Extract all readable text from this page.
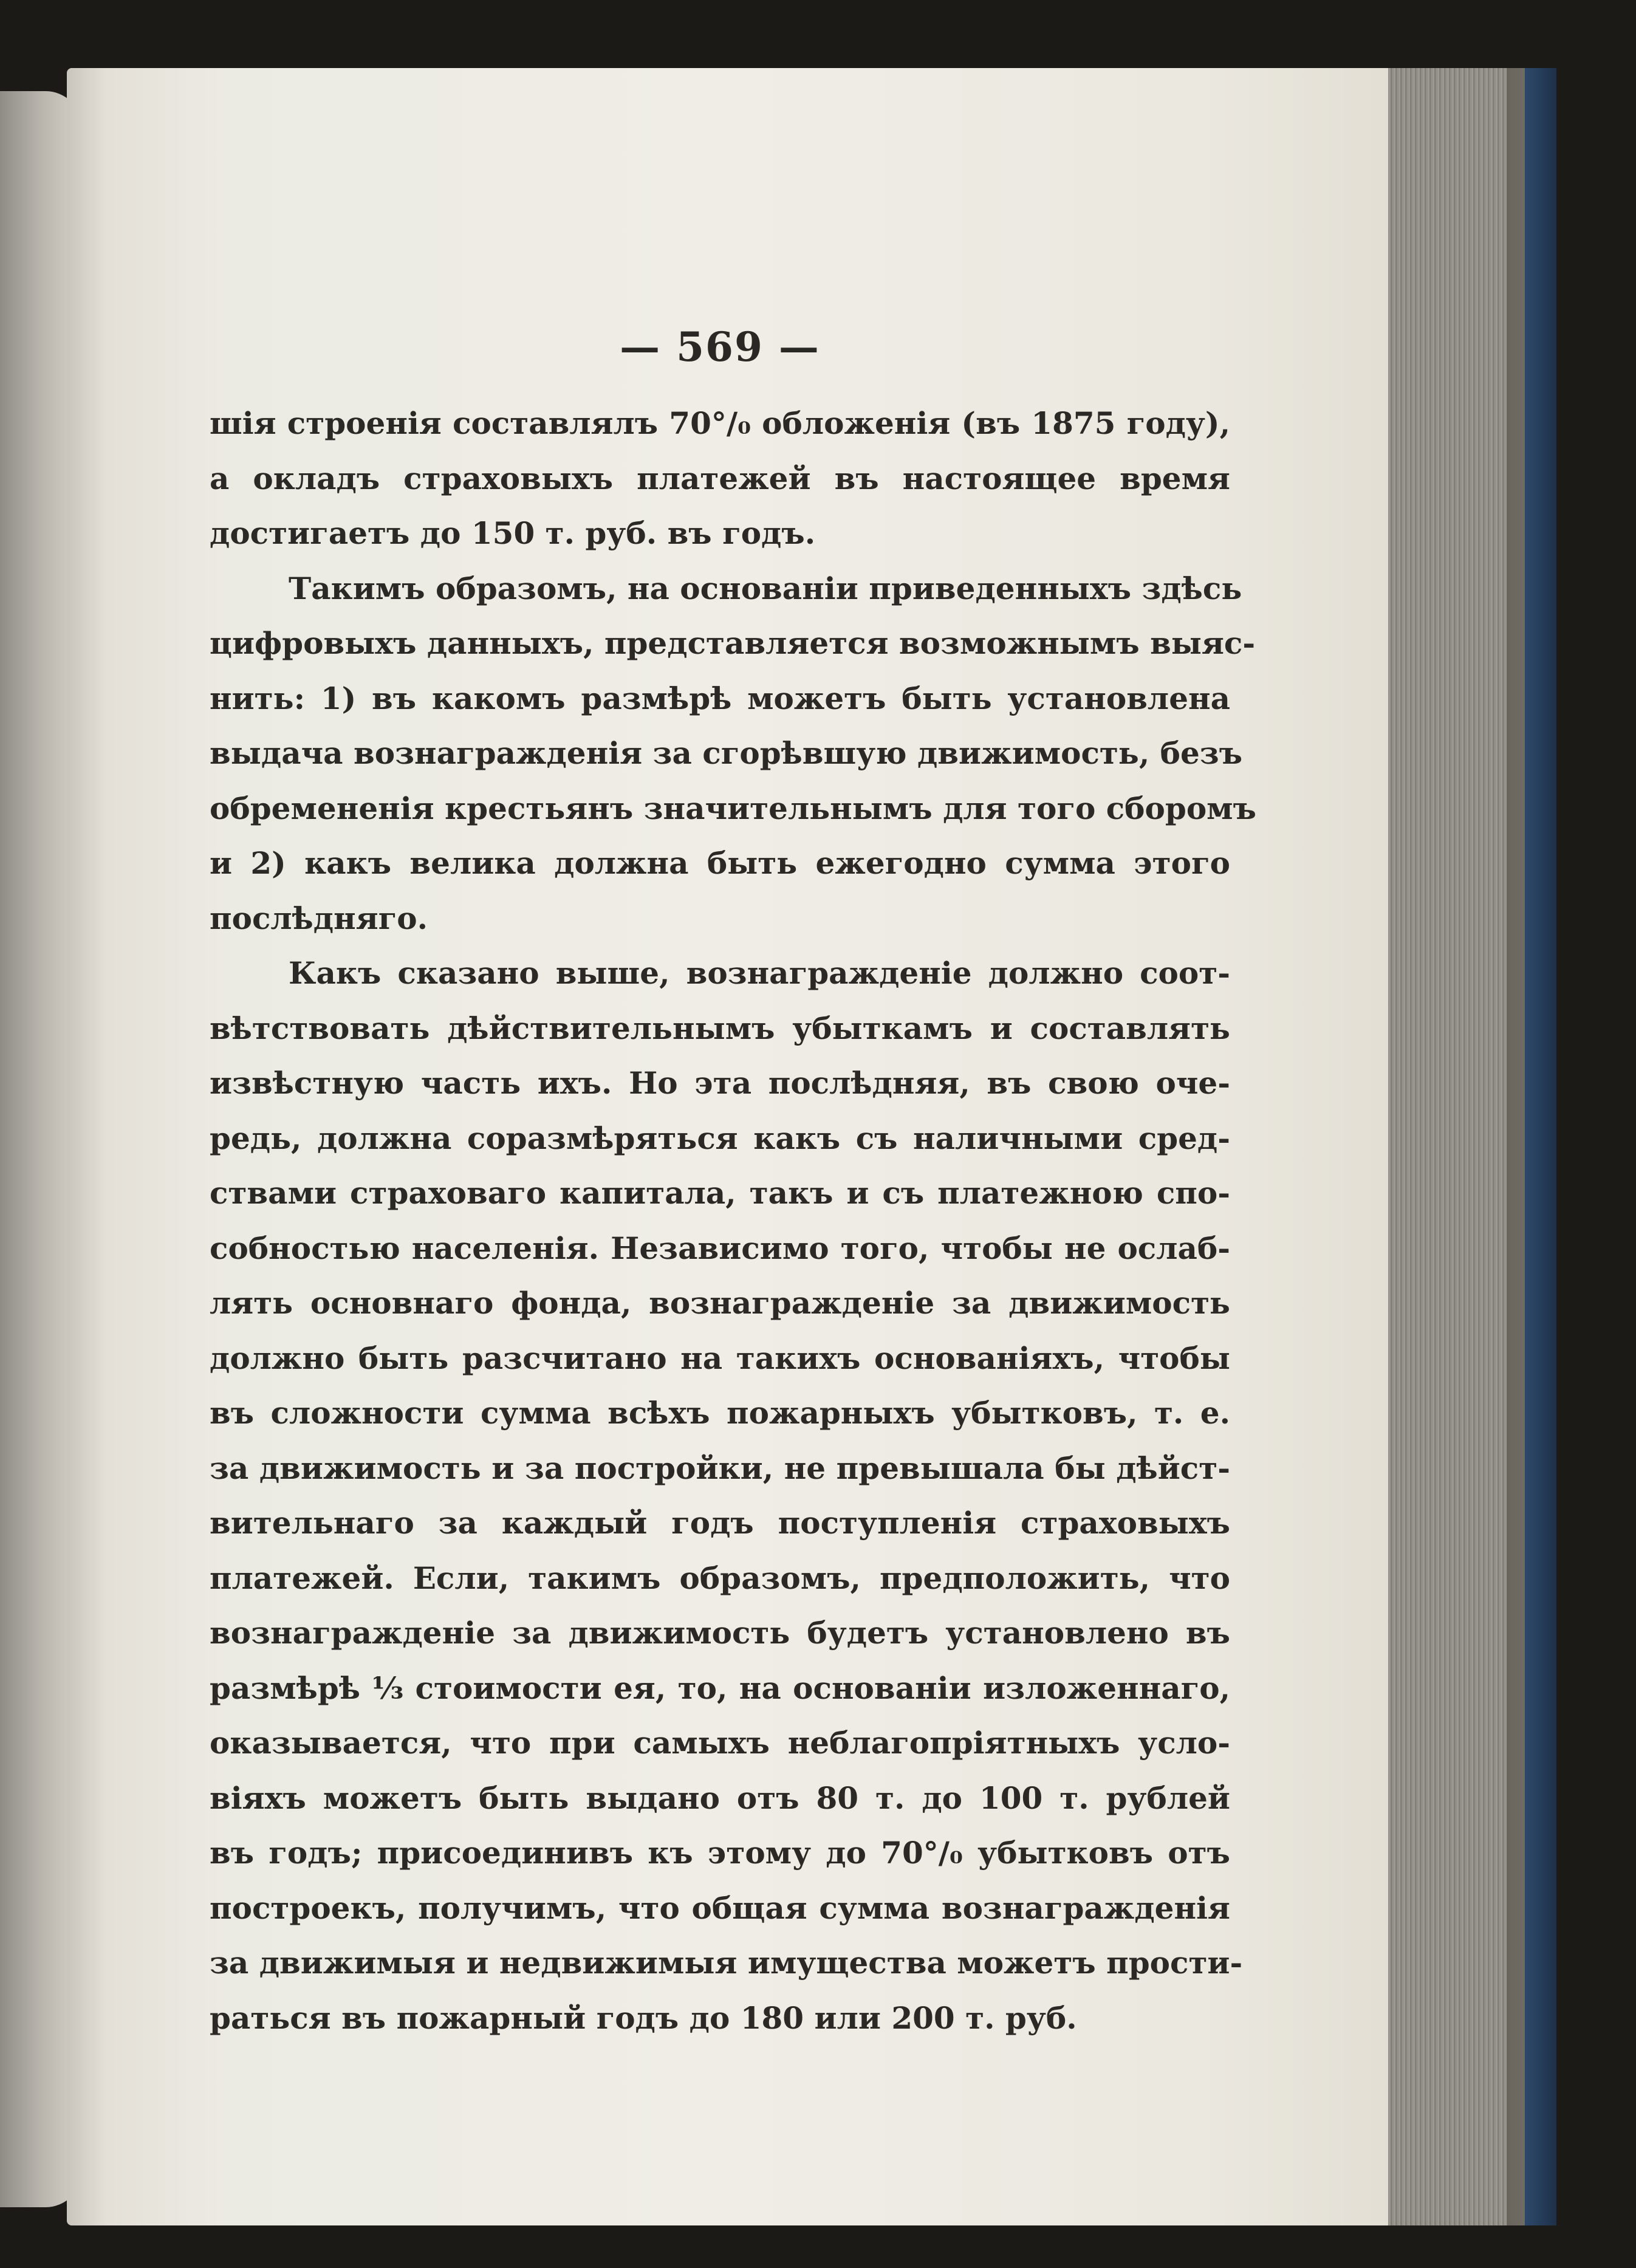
— 569 —
шія строенія составлялъ 70°/₀ обложенія (въ 1875 году),
а окладъ страховыхъ платежей въ настоящее время
достигаетъ до 150 т. руб. въ годъ.
Такимъ образомъ, на основаніи приведенныхъ здѣсь
цифровыхъ данныхъ, представляется возможнымъ выяс-
нить: 1) въ какомъ размѣрѣ можетъ быть установлена
выдача вознагражденія за сгорѣвшую движимость, безъ
обремененія крестьянъ значительнымъ для того сборомъ
и 2) какъ велика должна быть ежегодно сумма этого
послѣдняго.
Какъ сказано выше, вознагражденіе должно соот-
вѣтствовать дѣйствительнымъ убыткамъ и составлять
извѣстную часть ихъ. Но эта послѣдняя, въ свою оче-
редь, должна соразмѣряться какъ съ наличными сред-
ствами страховаго капитала, такъ и съ платежною спо-
собностью населенія. Независимо того, чтобы не ослаб-
лять основнаго фонда, вознагражденіе за движимость
должно быть разсчитано на такихъ основаніяхъ, чтобы
въ сложности сумма всѣхъ пожарныхъ убытковъ, т. е.
за движимость и за постройки, не превышала бы дѣйст-
вительнаго за каждый годъ поступленія страховыхъ
платежей. Если, такимъ образомъ, предположить, что
вознагражденіе за движимость будетъ установлено въ
размѣрѣ ⅓ стоимости ея, то, на основаніи изложеннаго,
оказывается, что при самыхъ неблагопріятныхъ усло-
віяхъ можетъ быть выдано отъ 80 т. до 100 т. рублей
въ годъ; присоединивъ къ этому до 70°/₀ убытковъ отъ
построекъ, получимъ, что общая сумма вознагражденія
за движимыя и недвижимыя имущества можетъ прости-
раться въ пожарный годъ до 180 или 200 т. руб.
